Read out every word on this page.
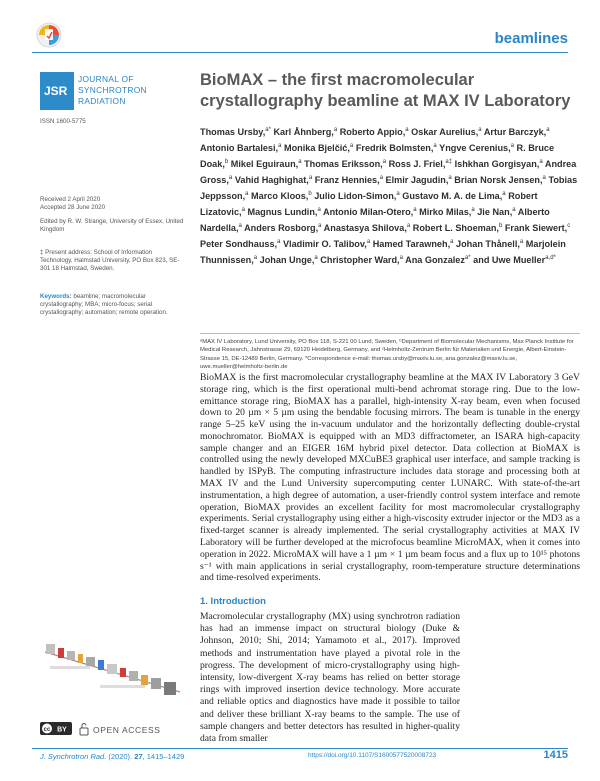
beamlines
JSR
JOURNAL OF
SYNCHROTRON
RADIATION
ISSN 1600-5775
Received 2 April 2020
Accepted 28 June 2020
Edited by R. W. Strange, University of Essex, United Kingdom
‡ Present address: School of Information Technology, Halmstad University, PO Box 823, SE-301 18 Halmstad, Sweden.
Keywords: beamline; macromolecular crystallography; MBA; micro-focus; serial crystallography; automation; remote operation.
cc BY	OPEN ACCESS
BioMAX – the first macromolecular crystallography beamline at MAX IV Laboratory
Thomas Ursby,$^{a*}$ Karl Åhnberg,$^a$ Roberto Appio,$^a$ Oskar Aurelius,$^a$ Artur Barczyk,$^a$ Antonio Bartalesi,$^a$ Monika Bjelčić,$^a$ Fredrik Bolmsten,$^a$ Yngve Cerenius,$^a$ R. Bruce Doak,$^b$ Mikel Eguiraun,$^a$ Thomas Eriksson,$^a$ Ross J. Friel,$^{a\ddagger}$ Ishkhan Gorgisyan,$^a$ Andrea Gross,$^a$ Vahid Haghighat,$^a$ Franz Hennies,$^a$ Elmir Jagudin,$^a$ Brian Norsk Jensen,$^a$ Tobias Jeppsson,$^a$ Marco Kloos,$^b$ Julio Lidon-Simon,$^a$ Gustavo M. A. de Lima,$^a$ Robert Lizatovic,$^a$ Magnus Lundin,$^a$ Antonio Milan-Otero,$^a$ Mirko Milas,$^a$ Jie Nan,$^a$ Alberto Nardella,$^a$ Anders Rosborg,$^a$ Anastasya Shilova,$^a$ Robert L. Shoeman,$^b$ Frank Siewert,$^c$ Peter Sondhauss,$^a$ Vladimir O. Talibov,$^a$ Hamed Tarawneh,$^a$ Johan Thånell,$^a$ Marjolein Thunnissen,$^a$ Johan Unge,$^a$ Christopher Ward,$^a$ Ana Gonzalez$^{a*}$ and Uwe Mueller$^{a,d*}$
ᵃMAX IV Laboratory, Lund University, PO Box 118, S-221 00 Lund, Sweden, ᵇDepartment of Biomolecular Mechanisms, Max Planck Institute for Medical Research, Jahnstrasse 29, 69120 Heidelberg, Germany, and ᶜHelmholtz-Zentrum Berlin für Materialien und Energie, Albert-Einstein-Strasse 15, DE-12489 Berlin, Germany. *Correspondence e-mail: thomas.ursby@maxiv.lu.se, ana.gonzalez@maxiv.lu.se, uwe.mueller@helmholtz-berlin.de

BioMAX is the first macromolecular crystallography beamline at the MAX IV Laboratory 3 GeV storage ring, which is the first operational multi-bend achromat storage ring. Due to the low-emittance storage ring, BioMAX has a parallel, high-intensity X-ray beam, even when focused down to 20 µm × 5 µm using the bendable focusing mirrors. The beam is tunable in the energy range 5–25 keV using the in-vacuum undulator and the horizontally deflecting double-crystal monochromator. BioMAX is equipped with an MD3 diffractometer, an ISARA high-capacity sample changer and an EIGER 16M hybrid pixel detector. Data collection at BioMAX is controlled using the newly developed MXCuBE3 graphical user interface, and sample tracking is handled by ISPyB. The computing infrastructure includes data storage and processing both at MAX IV and the Lund University supercomputing center LUNARC. With state-of-the-art instrumentation, a high degree of automation, a user-friendly control system interface and remote operation, BioMAX provides an excellent facility for most macromolecular crystallography experiments. Serial crystallography using either a high-viscosity extruder injector or the MD3 as a fixed-target scanner is already implemented. The serial crystallography activities at MAX IV Laboratory will be further developed at the microfocus beamline MicroMAX, when it comes into operation in 2022. MicroMAX will have a 1 µm × 1 µm beam focus and a flux up to 10¹⁵ photons s⁻¹ with main applications in serial crystallography, room-temperature structure determinations and time-resolved experiments.

1. Introduction

Macromolecular crystallography (MX) using synchrotron radiation has had an immense impact on structural biology (Duke & Johnson, 2010; Shi, 2014; Yamamoto et al., 2017). Improved methods and instrumentation have played a pivotal role in the progress. The development of micro-crystallography using high-intensity, low-divergent X-ray beams has relied on better storage rings with improved insertion device technology. More accurate and reliable optics and diagnostics have made it possible to tailor and deliver these brilliant X-ray beams to the sample. The use of sample changers and better detectors has resulted in higher-quality data from smaller

J. Synchrotron Rad. (2020). 27, 1415–1429	https://doi.org/10.1107/S1600577520008723	1415
